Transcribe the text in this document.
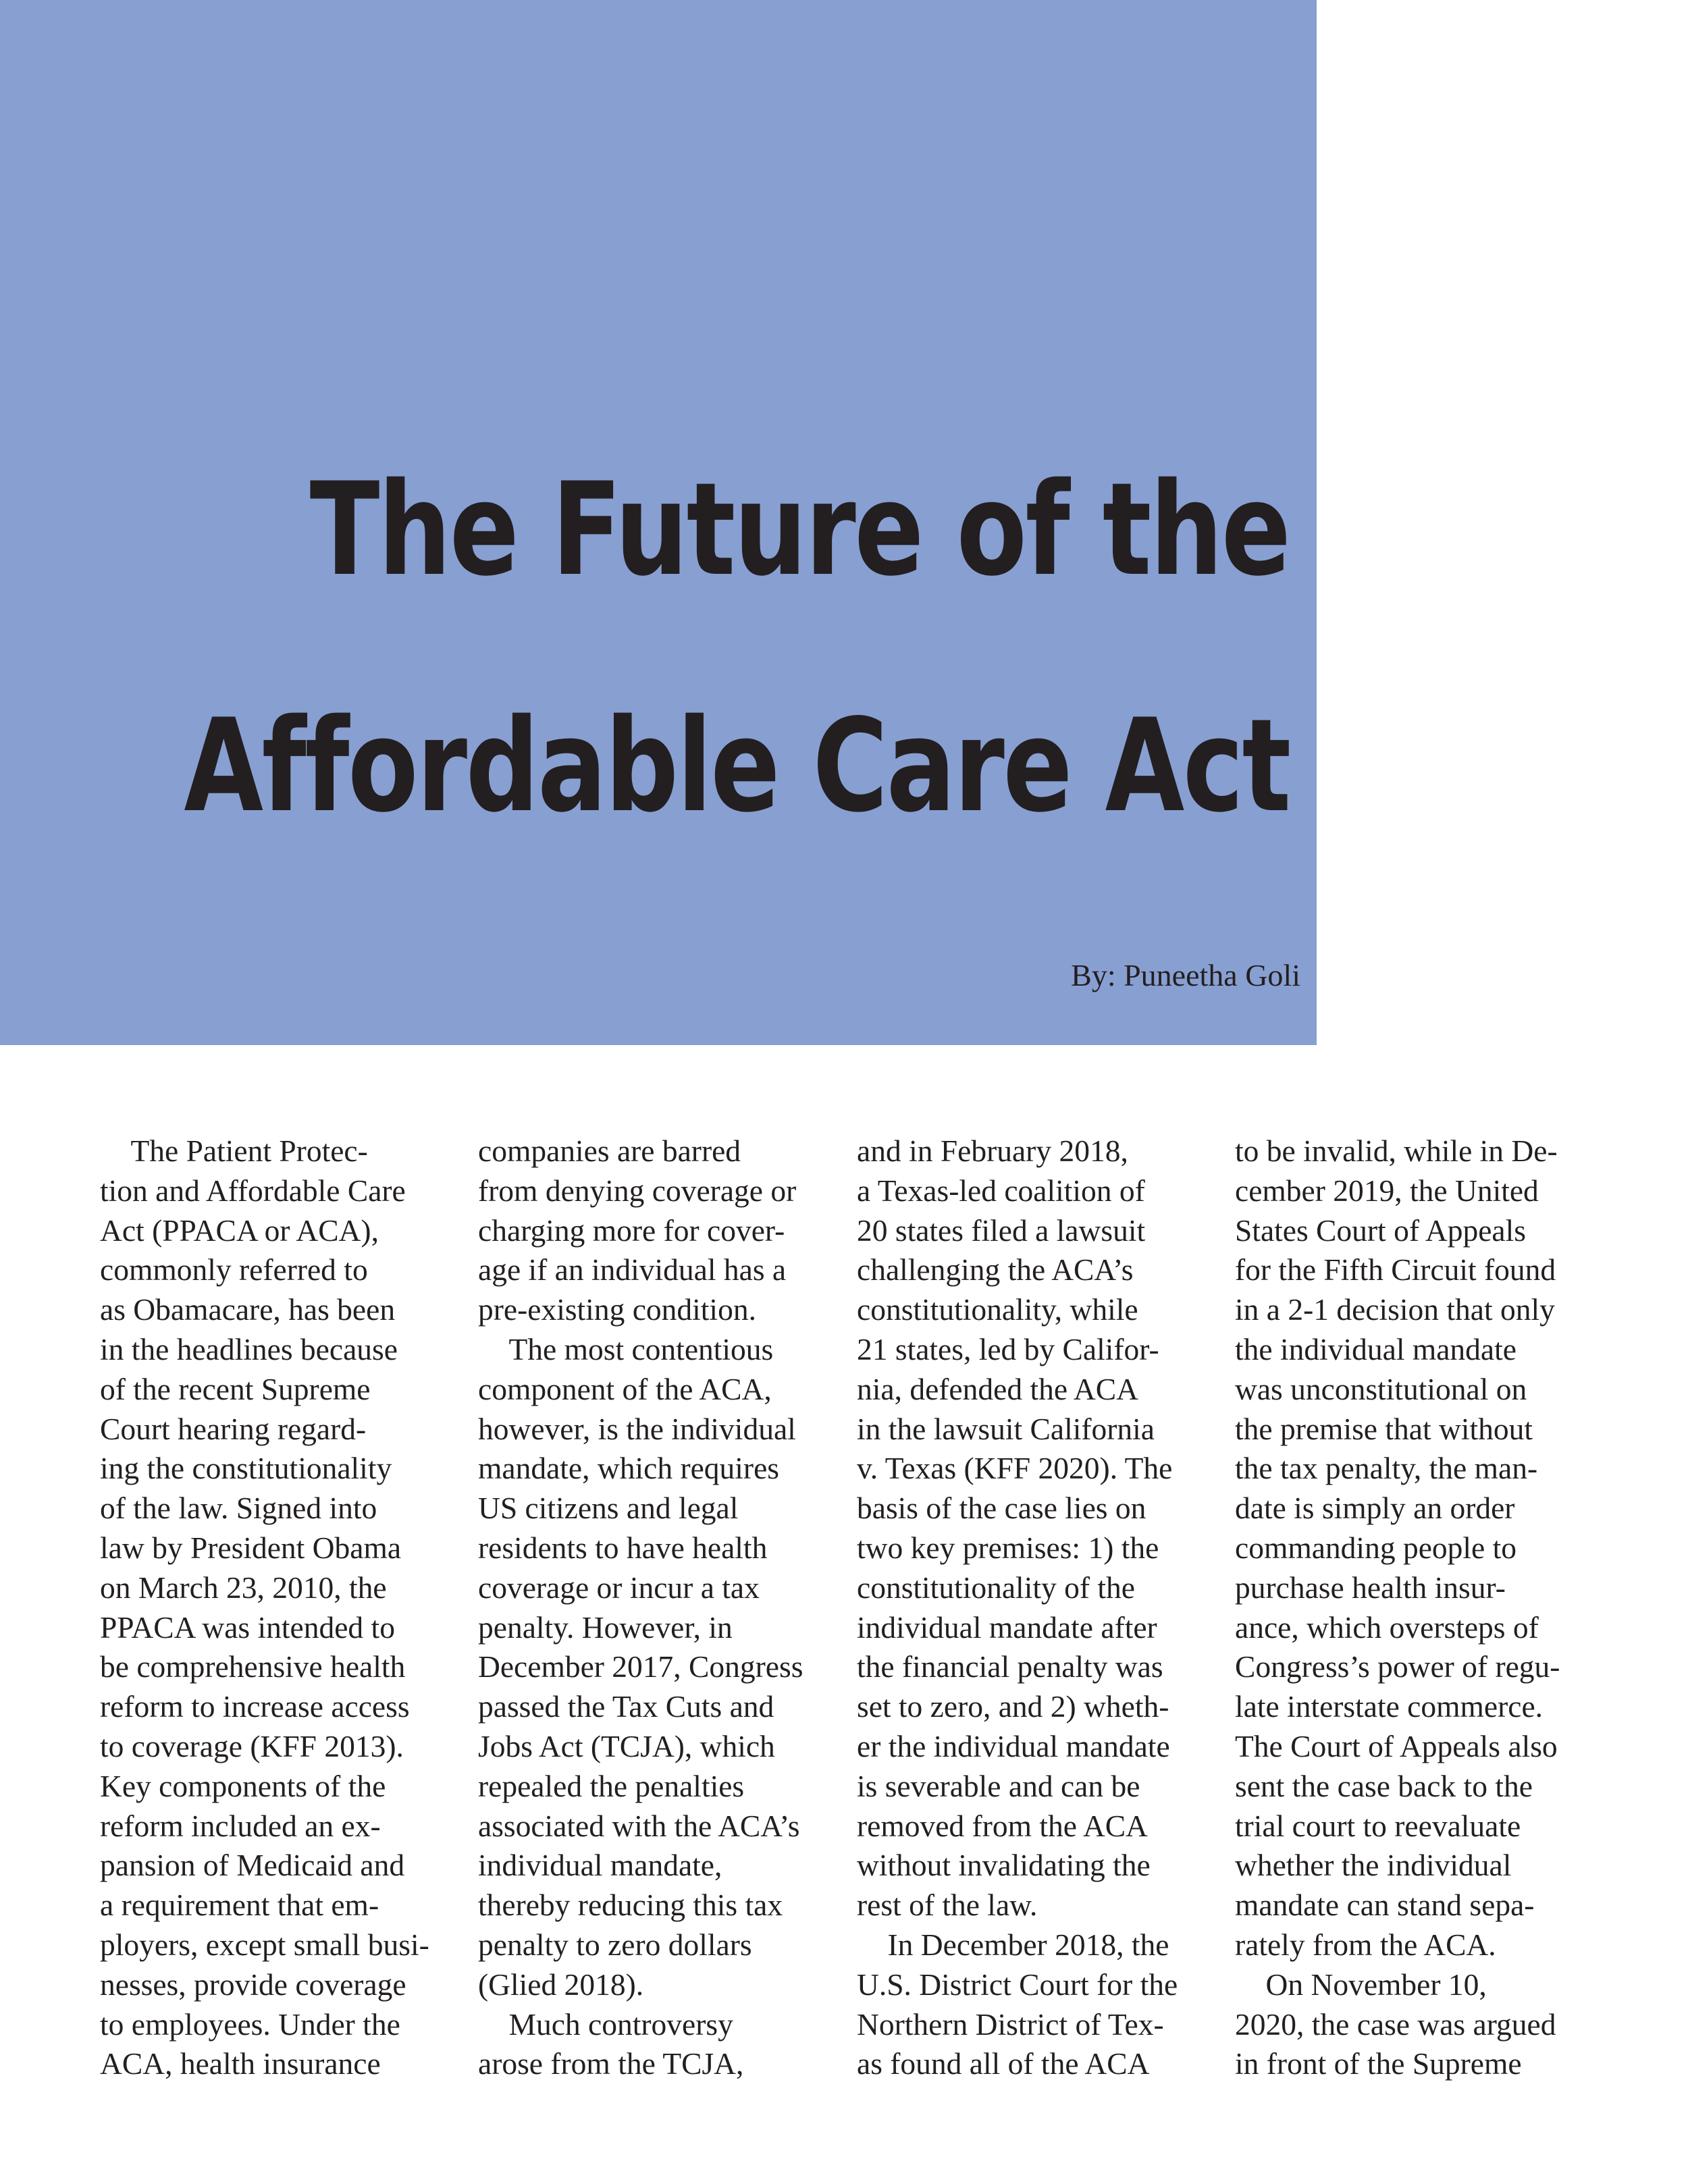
The Future of the
Affordable Care Act
By: Puneetha Goli
 The Patient Protec-
tion and Affordable Care
Act (PPACA or ACA),
commonly referred to
as Obamacare, has been
in the headlines because
of the recent Supreme
Court hearing regard-
ing the constitutionality
of the law. Signed into
law by President Obama
on March 23, 2010, the
PPACA was intended to
be comprehensive health
reform to increase access
to coverage (KFF 2013).
Key components of the
reform included an ex-
pansion of Medicaid and
a requirement that em-
ployers, except small busi-
nesses, provide coverage
to employees. Under the
ACA, health insurance
companies are barred
from denying coverage or
charging more for cover-
age if an individual has a
pre-existing condition.
 The most contentious
component of the ACA,
however, is the individual
mandate, which requires
US citizens and legal
residents to have health
coverage or incur a tax
penalty. However, in
December 2017, Congress
passed the Tax Cuts and
Jobs Act (TCJA), which
repealed the penalties
associated with the ACA’s
individual mandate,
thereby reducing this tax
penalty to zero dollars
(Glied 2018).
 Much controversy
arose from the TCJA,
and in February 2018,
a Texas-led coalition of
20 states filed a lawsuit
challenging the ACA’s
constitutionality, while
21 states, led by Califor-
nia, defended the ACA
in the lawsuit California
v. Texas (KFF 2020). The
basis of the case lies on
two key premises: 1) the
constitutionality of the
individual mandate after
the financial penalty was
set to zero, and 2) wheth-
er the individual mandate
is severable and can be
removed from the ACA
without invalidating the
rest of the law.
 In December 2018, the
U.S. District Court for the
Northern District of Tex-
as found all of the ACA
to be invalid, while in De-
cember 2019, the United
States Court of Appeals
for the Fifth Circuit found
in a 2-1 decision that only
the individual mandate
was unconstitutional on
the premise that without
the tax penalty, the man-
date is simply an order
commanding people to
purchase health insur-
ance, which oversteps of
Congress’s power of regu-
late interstate commerce.
The Court of Appeals also
sent the case back to the
trial court to reevaluate
whether the individual
mandate can stand sepa-
rately from the ACA.
 On November 10,
2020, the case was argued
in front of the Supreme
